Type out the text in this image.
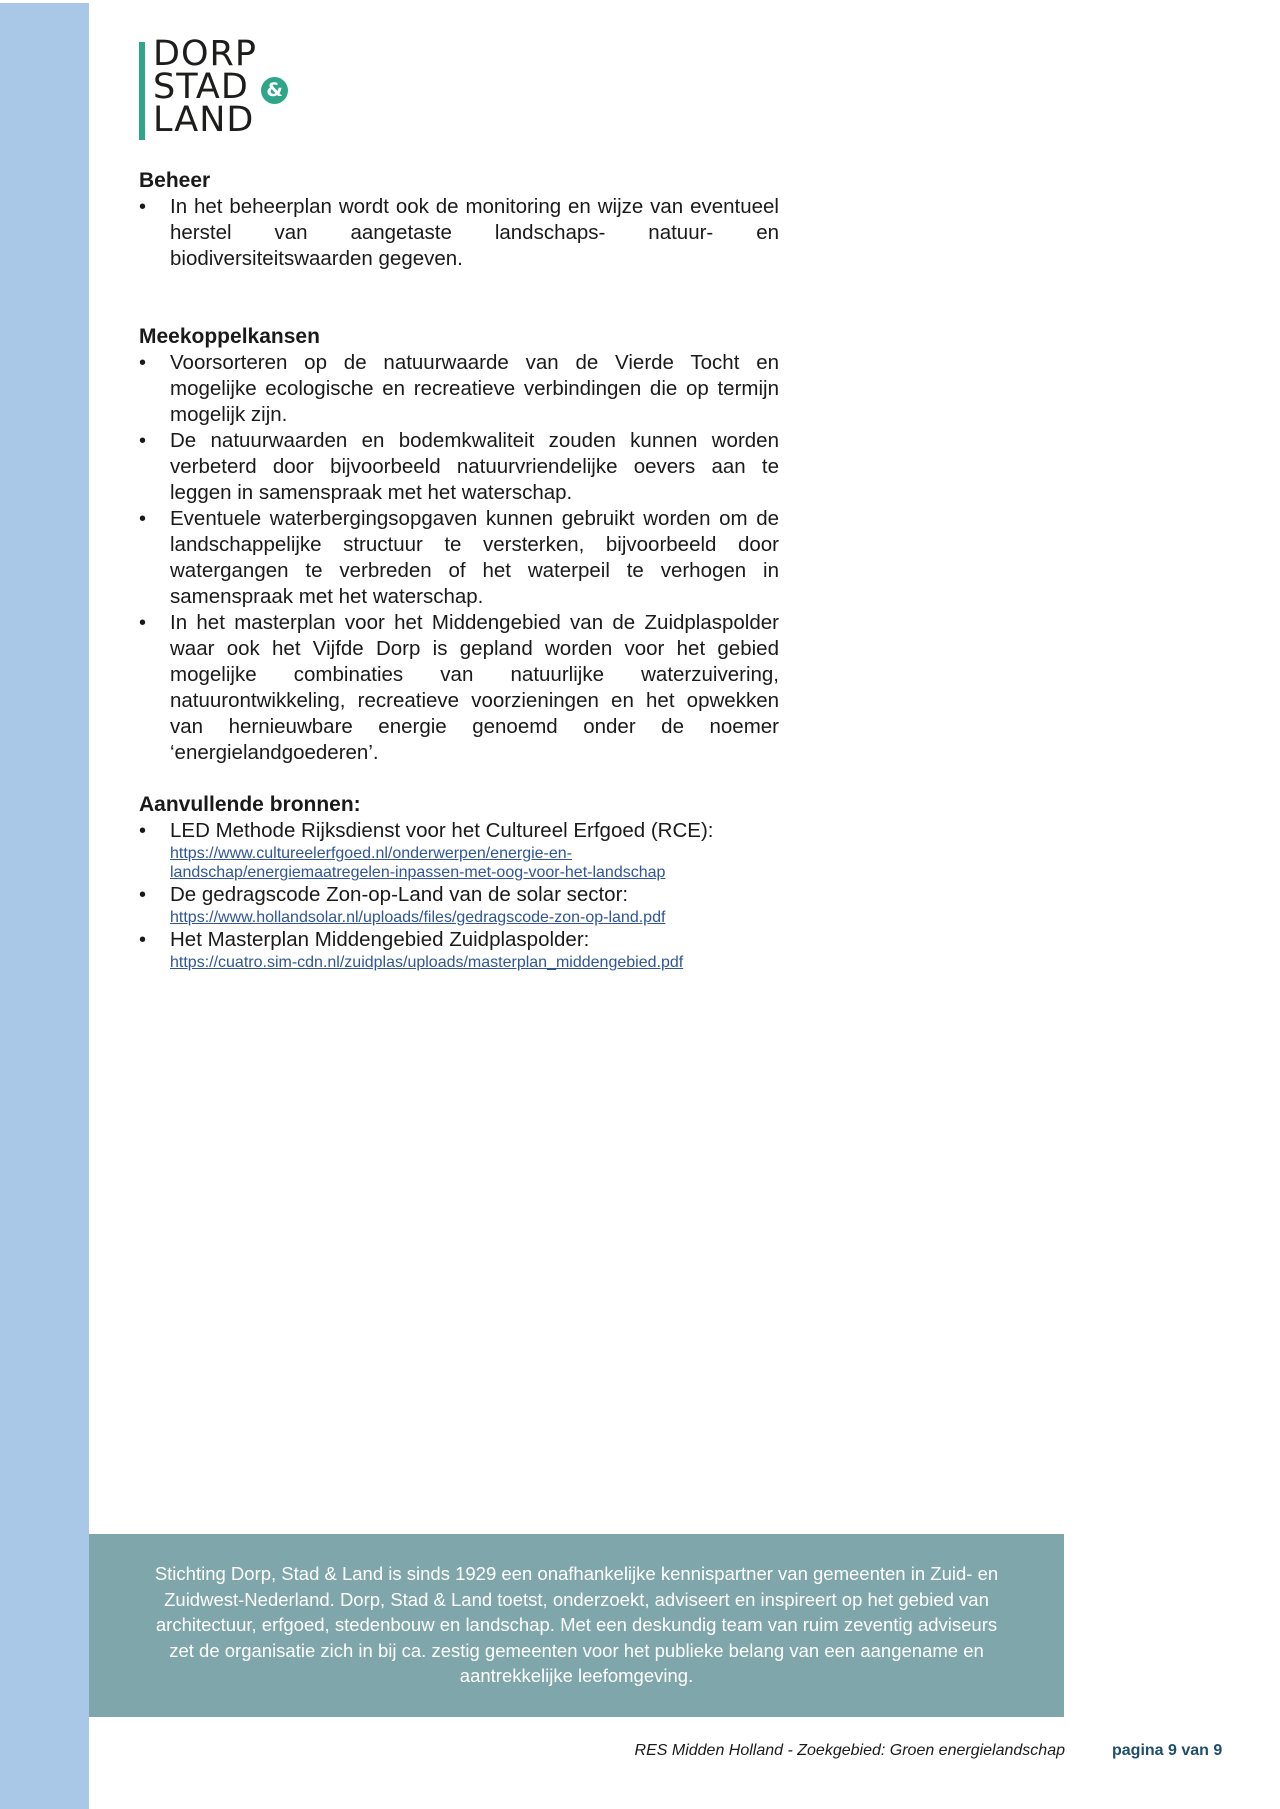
DORP
STAD
LAND
&
Beheer
• In het beheerplan wordt ook de monitoring en wijze van eventueel herstel van aangetaste landschaps- natuur- en biodiversiteitswaarden gegeven.
Meekoppelkansen
• Voorsorteren op de natuurwaarde van de Vierde Tocht en mogelijke ecologische en recreatieve verbindingen die op termijn mogelijk zijn.
• De natuurwaarden en bodemkwaliteit zouden kunnen worden verbeterd door bijvoorbeeld natuurvriendelijke oevers aan te leggen in samenspraak met het waterschap.
• Eventuele waterbergingsopgaven kunnen gebruikt worden om de landschappelijke structuur te versterken, bijvoorbeeld door watergangen te verbreden of het waterpeil te verhogen in samenspraak met het waterschap.
• In het masterplan voor het Middengebied van de Zuidplaspolder waar ook het Vijfde Dorp is gepland worden voor het gebied mogelijke combinaties van natuurlijke waterzuivering, natuurontwikkeling, recreatieve voorzieningen en het opwekken van hernieuwbare energie genoemd onder de noemer ‘energielandgoederen’.
Aanvullende bronnen:
• LED Methode Rijksdienst voor het Cultureel Erfgoed (RCE):
https://www.cultureelerfgoed.nl/onderwerpen/energie-en-landschap/energiemaatregelen-inpassen-met-oog-voor-het-landschap
• De gedragscode Zon-op-Land van de solar sector:
https://www.hollandsolar.nl/uploads/files/gedragscode-zon-op-land.pdf
• Het Masterplan Middengebied Zuidplaspolder:
https://cuatro.sim-cdn.nl/zuidplas/uploads/masterplan_middengebied.pdf

Stichting Dorp, Stad & Land is sinds 1929 een onafhankelijke kennispartner van gemeenten in Zuid- en Zuidwest-Nederland. Dorp, Stad & Land toetst, onderzoekt, adviseert en inspireert op het gebied van architectuur, erfgoed, stedenbouw en landschap. Met een deskundig team van ruim zeventig adviseurs zet de organisatie zich in bij ca. zestig gemeenten voor het publieke belang van een aangename en aantrekkelijke leefomgeving.

RES Midden Holland - Zoekgebied: Groen energielandschap	pagina 9 van 9
